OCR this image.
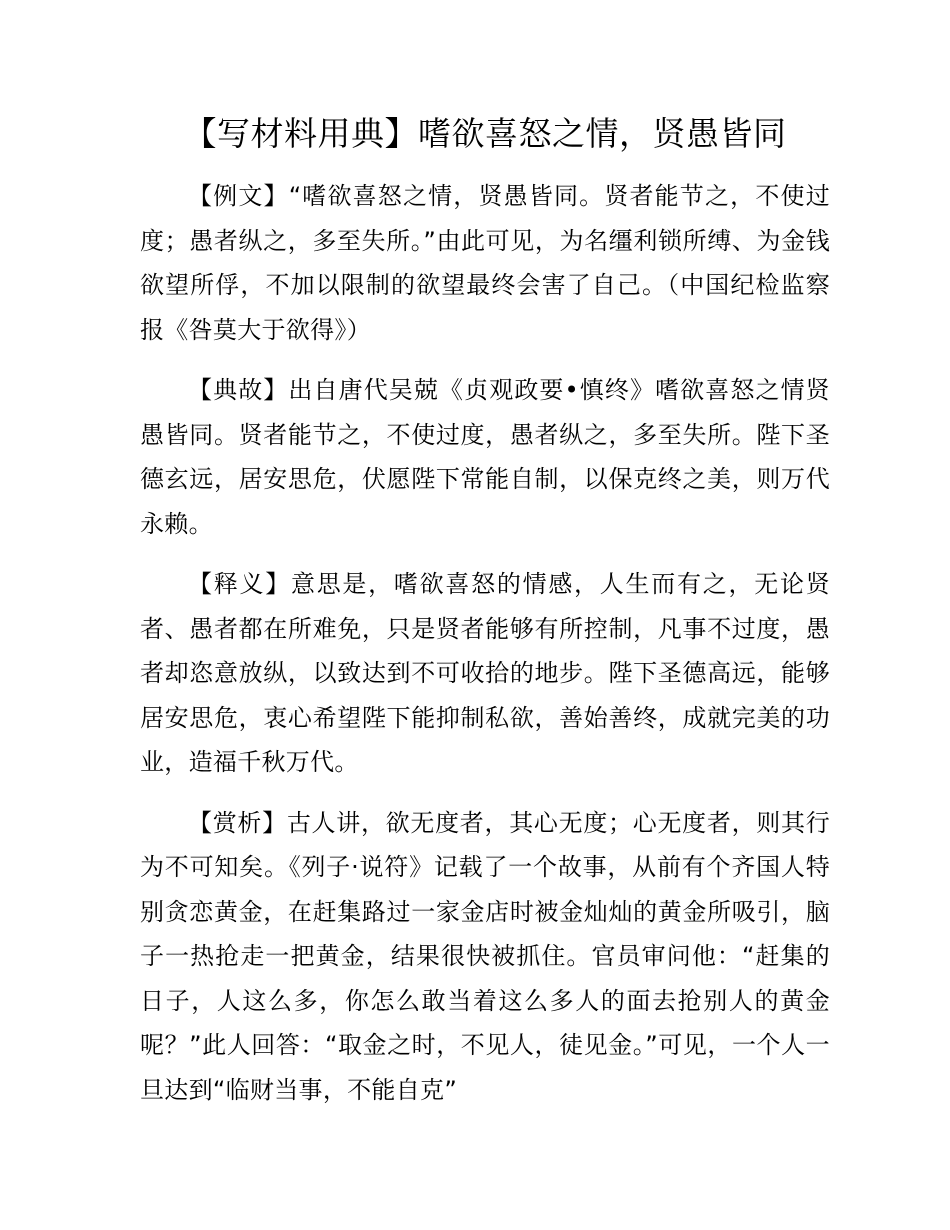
【写材料用典】嗜欲喜怒之情，贤愚皆同

【例文】“嗜欲喜怒之情，贤愚皆同。贤者能节之，不使过度；愚者纵之，多至失所。”由此可见，为名缰利锁所缚、为金钱欲望所俘，不加以限制的欲望最终会害了自己。（中国纪检监察报《咎莫大于欲得》）

【典故】出自唐代吴兢《贞观政要•慎终》嗜欲喜怒之情贤愚皆同。贤者能节之，不使过度，愚者纵之，多至失所。陛下圣德玄远，居安思危，伏愿陛下常能自制，以保克终之美，则万代永赖。

【释义】意思是，嗜欲喜怒的情感，人生而有之，无论贤者、愚者都在所难免，只是贤者能够有所控制，凡事不过度，愚者却恣意放纵，以致达到不可收拾的地步。陛下圣德高远，能够居安思危，衷心希望陛下能抑制私欲，善始善终，成就完美的功业，造福千秋万代。

【赏析】古人讲，欲无度者，其心无度；心无度者，则其行为不可知矣。《列子·说符》记载了一个故事，从前有个齐国人特别贪恋黄金，在赶集路过一家金店时被金灿灿的黄金所吸引，脑子一热抢走一把黄金，结果很快被抓住。官员审问他：“赶集的日子，人这么多，你怎么敢当着这么多人的面去抢别人的黄金呢？”此人回答：“取金之时，不见人，徒见金。”可见，一个人一旦达到“临财当事，不能自克”
